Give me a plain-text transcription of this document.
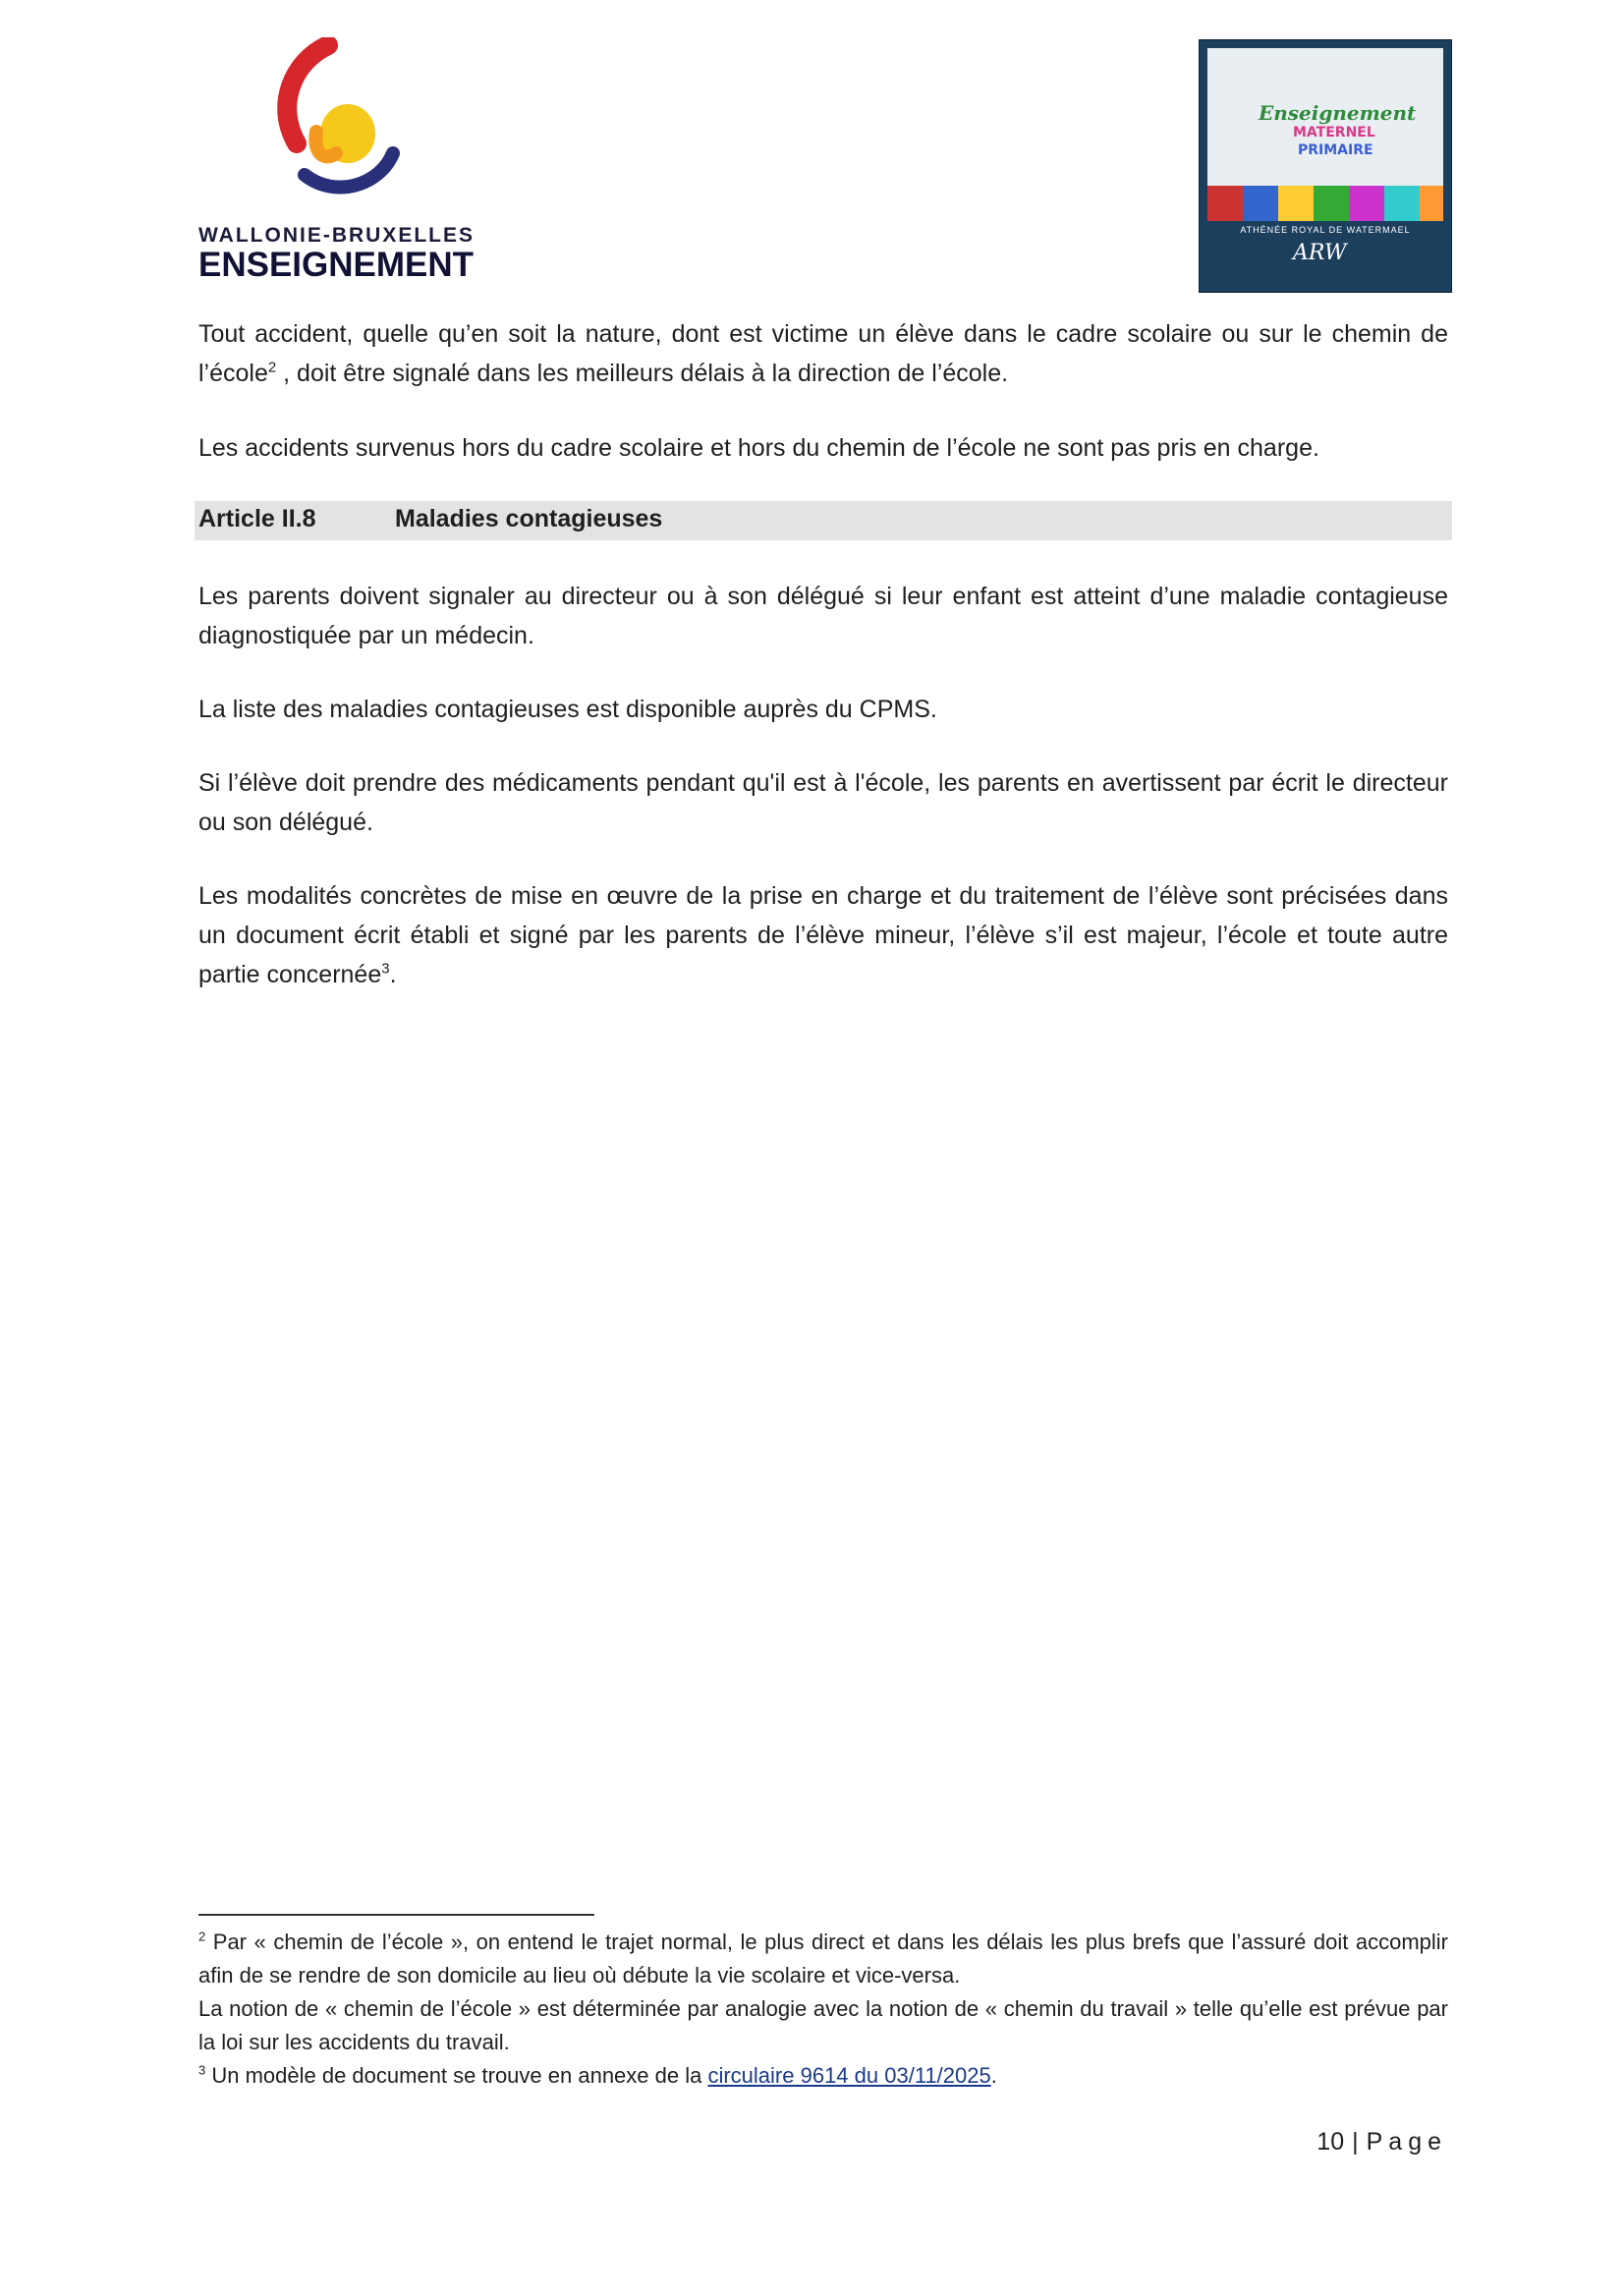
WALLONIE-BRUXELLES
ENSEIGNEMENT
Enseignement
MATERNEL
PRIMAIRE
ATHÉNÉE ROYAL DE WATERMAEL
ARW

Tout accident, quelle qu’en soit la nature, dont est victime un élève dans le cadre scolaire ou sur le chemin de l’école$^2$ , doit être signalé dans les meilleurs délais à la direction de l’école.

Les accidents survenus hors du cadre scolaire et hors du chemin de l’école ne sont pas pris en charge.

Article II.8	Maladies contagieuses

Les parents doivent signaler au directeur ou à son délégué si leur enfant est atteint d’une maladie contagieuse diagnostiquée par un médecin.

La liste des maladies contagieuses est disponible auprès du CPMS.

Si l’élève doit prendre des médicaments pendant qu'il est à l'école, les parents en avertissent par écrit le directeur ou son délégué.

Les modalités concrètes de mise en œuvre de la prise en charge et du traitement de l’élève sont précisées dans un document écrit établi et signé par les parents de l’élève mineur, l’élève s’il est majeur, l’école et toute autre partie concernée$^3$.

$^2$ Par « chemin de l’école », on entend le trajet normal, le plus direct et dans les délais les plus brefs que l’assuré doit accomplir afin de se rendre de son domicile au lieu où débute la vie scolaire et vice-versa.

La notion de « chemin de l’école » est déterminée par analogie avec la notion de « chemin du travail » telle qu’elle est prévue par la loi sur les accidents du travail.

$^3$ Un modèle de document se trouve en annexe de la circulaire 9614 du 03/11/2025.

10 | Page
